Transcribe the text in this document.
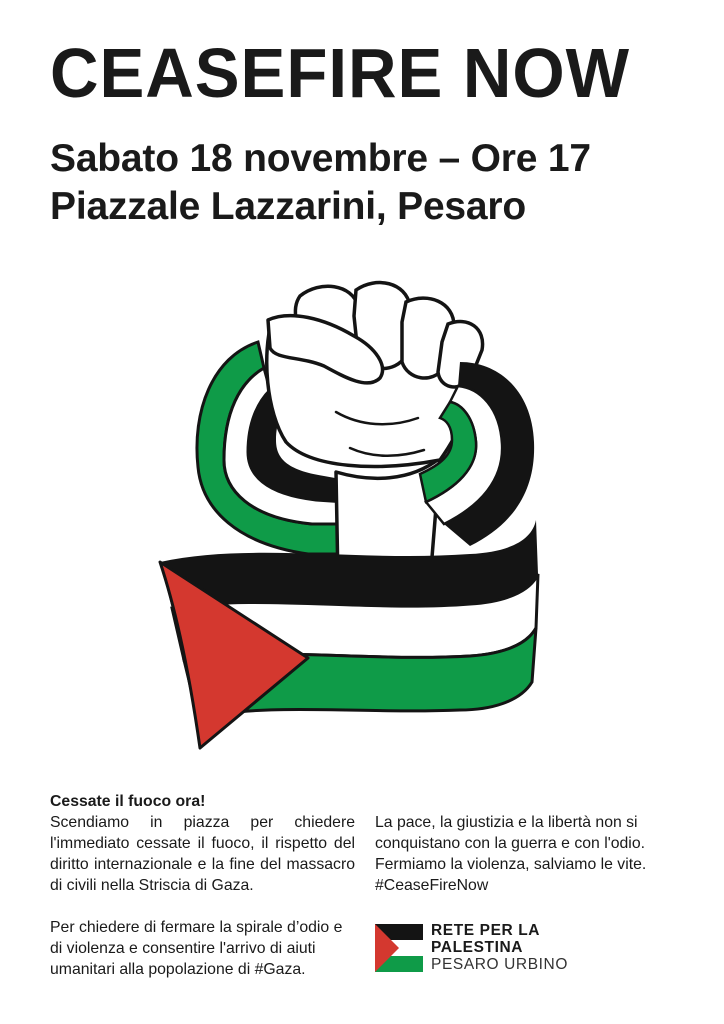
CEASEFIRE NOW
Sabato 18 novembre – Ore 17
Piazzale Lazzarini, Pesaro

Cessate il fuoco ora!

Scendiamo in piazza per chiedere l'immediato cessate il fuoco, il rispetto del diritto internazionale e la fine del massacro di civili nella Striscia di Gaza.

Per chiedere di fermare la spirale d’odio e di violenza e consentire l'arrivo di aiuti umanitari alla popolazione di #Gaza.

La pace, la giustizia e la libertà non si conquistano con la guerra e con l'odio. Fermiamo la violenza, salviamo le vite. #CeaseFireNow

RETE PER LA
PALESTINA
PESARO URBINO
